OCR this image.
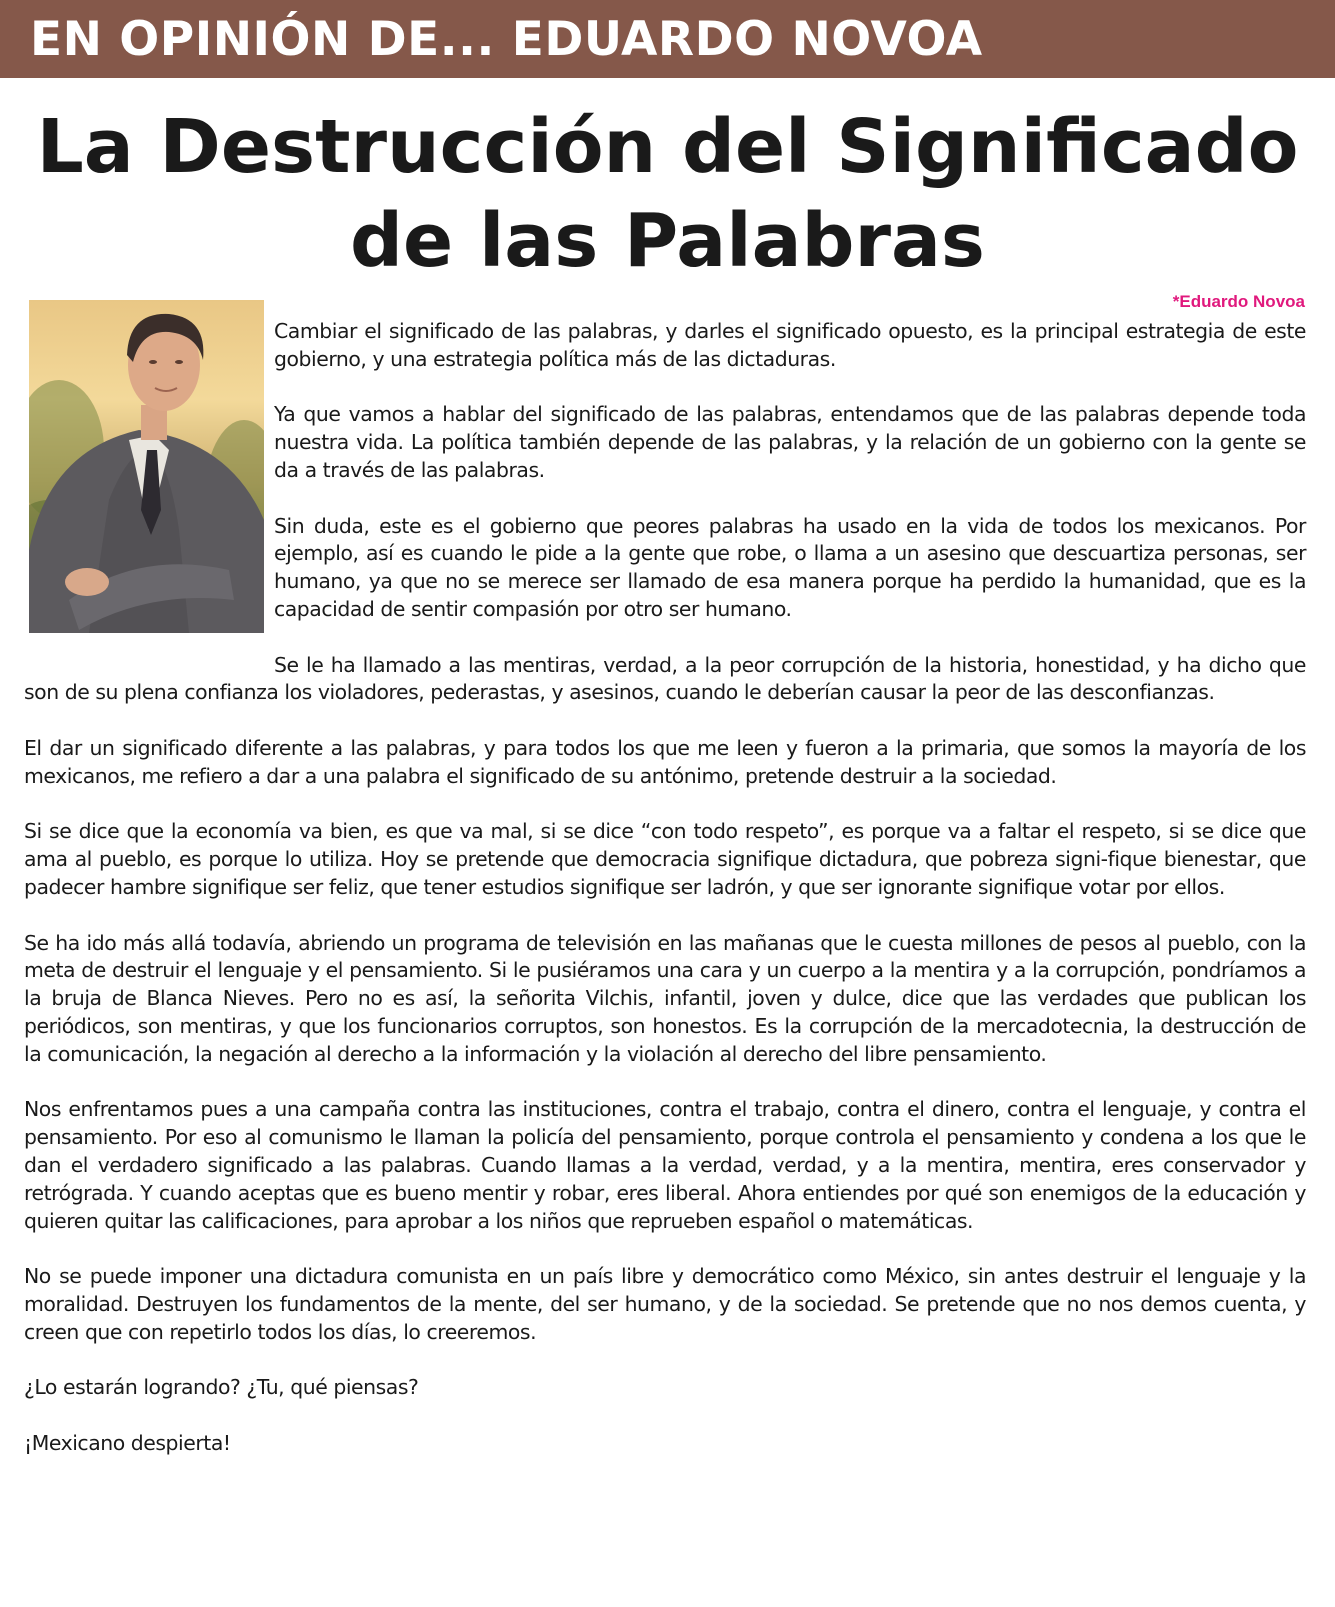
EN OPINIÓN DE... EDUARDO NOVOA
La Destrucción del Significado
de las Palabras
*Eduardo Novoa

Cambiar el significado de las palabras, y darles el significado opuesto, es la principal estrategia de este gobierno, y una estrategia política más de las dictaduras.

Ya que vamos a hablar del significado de las palabras, entendamos que de las palabras depende toda nuestra vida. La política también depende de las palabras, y la relación de un gobierno con la gente se da a través de las palabras.

Sin duda, este es el gobierno que peores palabras ha usado en la vida de todos los mexicanos. Por ejemplo, así es cuando le pide a la gente que robe, o llama a un asesino que descuartiza personas, ser humano, ya que no se merece ser llamado de esa manera porque ha perdido la humanidad, que es la capacidad de sentir compasión por otro ser humano.

Se le ha llamado a las mentiras, verdad, a la peor corrupción de la historia, honestidad, y ha dicho que son de su plena confianza los violadores, pederastas, y asesinos, cuando le deberían causar la peor de las desconfianzas.

El dar un significado diferente a las palabras, y para todos los que me leen y fueron a la primaria, que somos la mayoría de los mexicanos, me refiero a dar a una palabra el significado de su antónimo, pretende destruir a la sociedad.

Si se dice que la economía va bien, es que va mal, si se dice “con todo respeto”, es porque va a faltar el respeto, si se dice que ama al pueblo, es porque lo utiliza. Hoy se pretende que democracia signifique dictadura, que pobreza signi-fique bienestar, que padecer hambre signifique ser feliz, que tener estudios signifique ser ladrón, y que ser ignorante signifique votar por ellos.

Se ha ido más allá todavía, abriendo un programa de televisión en las mañanas que le cuesta millones de pesos al pueblo, con la meta de destruir el lenguaje y el pensamiento. Si le pusiéramos una cara y un cuerpo a la mentira y a la corrupción, pondríamos a la bruja de Blanca Nieves. Pero no es así, la señorita Vilchis, infantil, joven y dulce, dice que las verdades que publican los periódicos, son mentiras, y que los funcionarios corruptos, son honestos. Es la corrupción de la mercadotecnia, la destrucción de la comunicación, la negación al derecho a la información y la violación al derecho del libre pensamiento.

Nos enfrentamos pues a una campaña contra las instituciones, contra el trabajo, contra el dinero, contra el lenguaje, y contra el pensamiento. Por eso al comunismo le llaman la policía del pensamiento, porque controla el pensamiento y condena a los que le dan el verdadero significado a las palabras. Cuando llamas a la verdad, verdad, y a la mentira, mentira, eres conservador y retrógrada. Y cuando aceptas que es bueno mentir y robar, eres liberal. Ahora entiendes por qué son enemigos de la educación y quieren quitar las calificaciones, para aprobar a los niños que reprueben español o matemáticas.

No se puede imponer una dictadura comunista en un país libre y democrático como México, sin antes destruir el lenguaje y la moralidad. Destruyen los fundamentos de la mente, del ser humano, y de la sociedad. Se pretende que no nos demos cuenta, y creen que con repetirlo todos los días, lo creeremos.

¿Lo estarán logrando? ¿Tu, qué piensas?

¡Mexicano despierta!
